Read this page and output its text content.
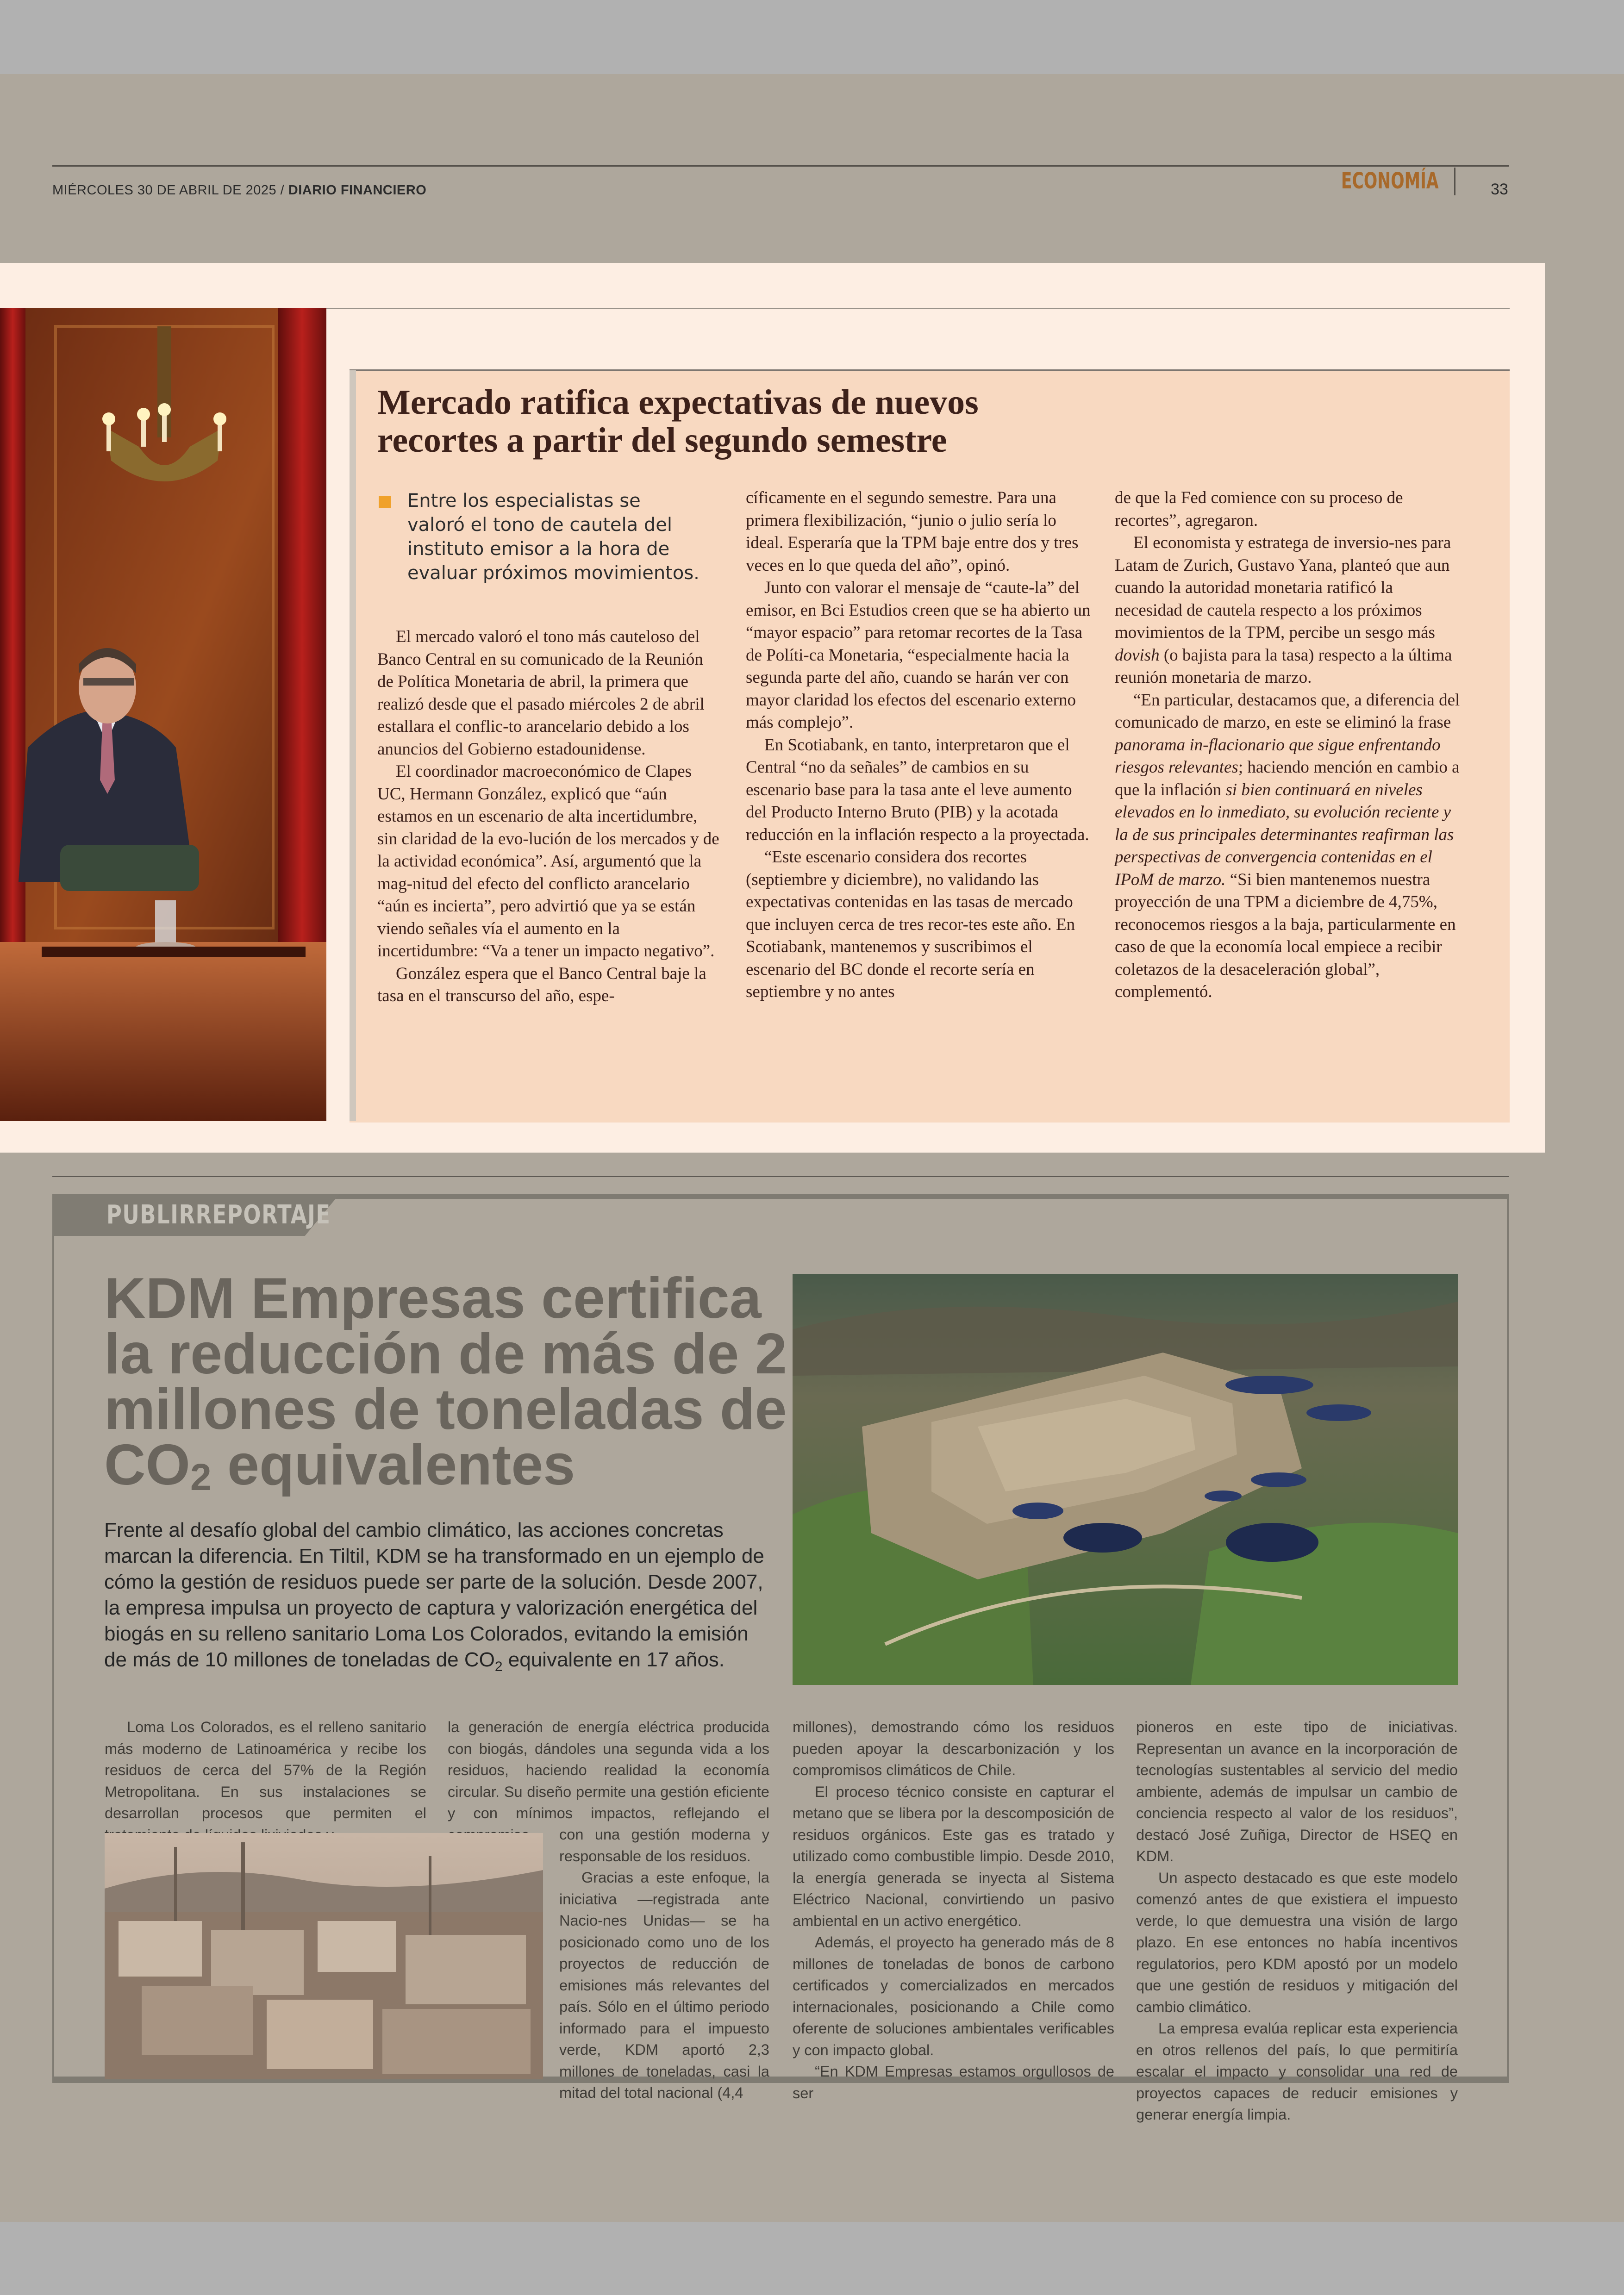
MIÉRCOLES 30 DE ABRIL DE 2025 / DIARIO FINANCIERO	ECONOMÍA	33
Mercado ratifica expectativas de nuevos
recortes a partir del segundo semestre
Entre los especialistas se valoró el tono de cautela del instituto emisor a la hora de evaluar próximos movimientos.

El mercado valoró el tono más cauteloso del Banco Central en su comunicado de la Reunión de Política Monetaria de abril, la primera que realizó desde que el pasado miércoles 2 de abril estallara el conflic-to arancelario debido a los anuncios del Gobierno estadounidense.

El coordinador macroeconómico de Clapes UC, Hermann González, explicó que “aún estamos en un escenario de alta incertidumbre, sin claridad de la evo-lución de los mercados y de la actividad económica”. Así, argumentó que la mag-nitud del efecto del conflicto arancelario “aún es incierta”, pero advirtió que ya se están viendo señales vía el aumento en la incertidumbre: “Va a tener un impacto negativo”.

González espera que el Banco Central baje la tasa en el transcurso del año, espe-

cíficamente en el segundo semestre. Para una primera flexibilización, “junio o julio sería lo ideal. Esperaría que la TPM baje entre dos y tres veces en lo que queda del año”, opinó.

Junto con valorar el mensaje de “caute-la” del emisor, en Bci Estudios creen que se ha abierto un “mayor espacio” para retomar recortes de la Tasa de Políti-ca Monetaria, “especialmente hacia la segunda parte del año, cuando se harán ver con mayor claridad los efectos del escenario externo más complejo”.

En Scotiabank, en tanto, interpretaron que el Central “no da señales” de cambios en su escenario base para la tasa ante el leve aumento del Producto Interno Bruto (PIB) y la acotada reducción en la inflación respecto a la proyectada.

“Este escenario considera dos recortes (septiembre y diciembre), no validando las expectativas contenidas en las tasas de mercado que incluyen cerca de tres recor-tes este año. En Scotiabank, mantenemos y suscribimos el escenario del BC donde el recorte sería en septiembre y no antes

de que la Fed comience con su proceso de recortes”, agregaron.

El economista y estratega de inversio-nes para Latam de Zurich, Gustavo Yana, planteó que aun cuando la autoridad monetaria ratificó la necesidad de cautela respecto a los próximos movimientos de la TPM, percibe un sesgo más dovish (o bajista para la tasa) respecto a la última reunión monetaria de marzo.

“En particular, destacamos que, a diferencia del comunicado de marzo, en este se eliminó la frase panorama in-flacionario que sigue enfrentando riesgos relevantes; haciendo mención en cambio a que la inflación si bien continuará en niveles elevados en lo inmediato, su evolución reciente y la de sus principales determinantes reafirman las perspectivas de convergencia contenidas en el IPoM de marzo. “Si bien mantenemos nuestra proyección de una TPM a diciembre de 4,75%, reconocemos riesgos a la baja, particularmente en caso de que la economía local empiece a recibir coletazos de la desaceleración global”, complementó.

PUBLIRREPORTAJE
KDM Empresas certifica la reducción de más de 2 millones de toneladas de $CO_2$ equivalentes
Frente al desafío global del cambio climático, las acciones concretas marcan la diferencia. En Tiltil, KDM se ha transformado en un ejemplo de cómo la gestión de residuos puede ser parte de la solución. Desde 2007, la empresa impulsa un proyecto de captura y valorización energética del biogás en su relleno sanitario Loma Los Colorados, evitando la emisión de más de 10 millones de toneladas de $CO_2$ equivalente en 17 años.

Loma Los Colorados, es el relleno sanitario más moderno de Latinoamérica y recibe los residuos de cerca del 57% de la Región Metropolitana. En sus instalaciones se desarrollan procesos que permiten el

la generación de energía eléctrica producida con biogás, dándoles una segunda vida a los residuos, haciendo realidad la economía circular. Su diseño permite una gestión eficiente y con mínimos impactos, reflejando el

con una gestión moderna y responsable de los residuos.

Gracias a este enfoque, la iniciativa —registrada ante Nacio-nes Unidas— se ha posicionado como uno de los proyectos de reducción de emisiones más relevantes del país. Sólo en el último periodo informado para el impuesto verde, KDM aportó 2,3 millones de toneladas, casi la mitad del total nacional (4,4

millones), demostrando cómo los residuos pueden apoyar la descarbonización y los compromisos climáticos de Chile.

El proceso técnico consiste en capturar el metano que se libera por la descomposición de residuos orgánicos. Este gas es tratado y utilizado como combustible limpio. Desde 2010, la energía generada se inyecta al Sistema Eléctrico Nacional, convirtiendo un pasivo ambiental en un activo energético.

Además, el proyecto ha generado más de 8 millones de toneladas de bonos de carbono certificados y comercializados en mercados internacionales, posicionando a Chile como oferente de soluciones ambientales verificables y con impacto global.

“En KDM Empresas estamos orgullosos de ser

pioneros en este tipo de iniciativas. Representan un avance en la incorporación de tecnologías sustentables al servicio del medio ambiente, además de impulsar un cambio de conciencia respecto al valor de los residuos”, destacó José Zuñiga, Director de HSEQ en KDM.

Un aspecto destacado es que este modelo comenzó antes de que existiera el impuesto verde, lo que demuestra una visión de largo plazo. En ese entonces no había incentivos regulatorios, pero KDM apostó por un modelo que une gestión de residuos y mitigación del cambio climático.

La empresa evalúa replicar esta experiencia en otros rellenos del país, lo que permitiría escalar el impacto y consolidar una red de proyectos capaces de reducir emisiones y generar energía limpia.
